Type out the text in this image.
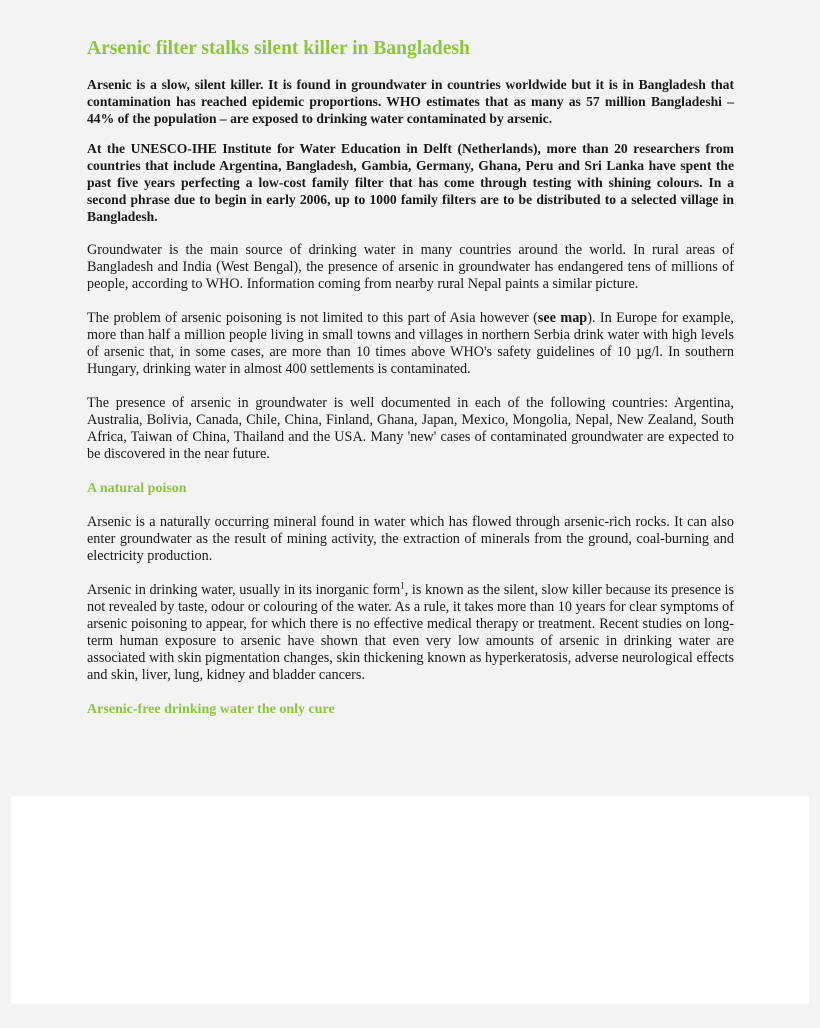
Arsenic filter stalks silent killer in Bangladesh

Arsenic is a slow, silent killer. It is found in groundwater in countries worldwide but it is in Bangladesh that contamination has reached epidemic proportions. WHO estimates that as many as 57 million Bangladeshi – 44% of the population – are exposed to drinking water contaminated by arsenic.

At the UNESCO-IHE Institute for Water Education in Delft (Netherlands), more than 20 researchers from countries that include Argentina, Bangladesh, Gambia, Germany, Ghana, Peru and Sri Lanka have spent the past five years perfecting a low-cost family filter that has come through testing with shining colours. In a second phrase due to begin in early 2006, up to 1000 family filters are to be distributed to a selected village in Bangladesh.

Groundwater is the main source of drinking water in many countries around the world. In rural areas of Bangladesh and India (West Bengal), the presence of arsenic in groundwater has endangered tens of millions of people, according to WHO. Information coming from nearby rural Nepal paints a similar picture.

The problem of arsenic poisoning is not limited to this part of Asia however (see map). In Europe for example, more than half a million people living in small towns and villages in northern Serbia drink water with high levels of arsenic that, in some cases, are more than 10 times above WHO's safety guidelines of 10 µg/l. In southern Hungary, drinking water in almost 400 settlements is contaminated.

The presence of arsenic in groundwater is well documented in each of the following countries: Argentina, Australia, Bolivia, Canada, Chile, China, Finland, Ghana, Japan, Mexico, Mongolia, Nepal, New Zealand, South Africa, Taiwan of China, Thailand and the USA. Many 'new' cases of contaminated groundwater are expected to be discovered in the near future.

A natural poison

Arsenic is a naturally occurring mineral found in water which has flowed through arsenic-rich rocks. It can also enter groundwater as the result of mining activity, the extraction of minerals from the ground, coal-burning and electricity production.

Arsenic in drinking water, usually in its inorganic form$^1$, is known as the silent, slow killer because its presence is not revealed by taste, odour or colouring of the water. As a rule, it takes more than 10 years for clear symptoms of arsenic poisoning to appear, for which there is no effective medical therapy or treatment. Recent studies on long-term human exposure to arsenic have shown that even very low amounts of arsenic in drinking water are associated with skin pigmentation changes, skin thickening known as hyperkeratosis, adverse neurological effects and skin, liver, lung, kidney and bladder cancers.

Arsenic-free drinking water the only cure
